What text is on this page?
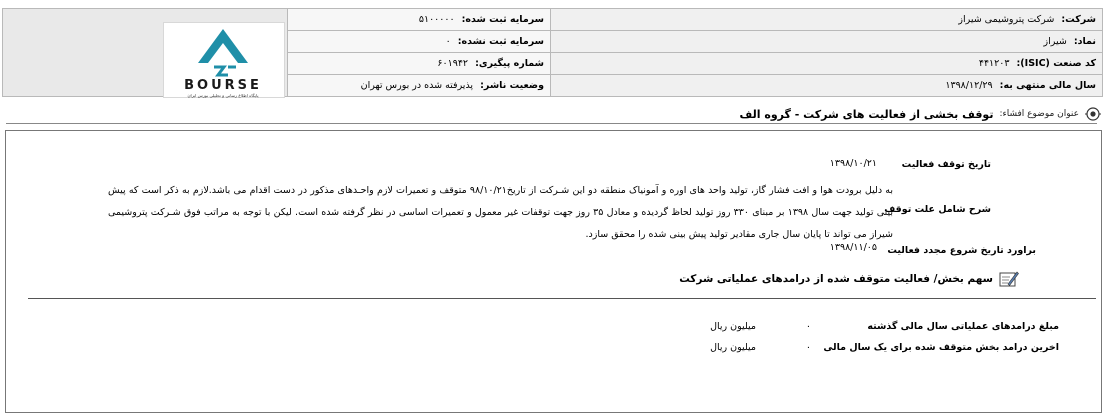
شرکت: شرکت پتروشیمی شیراز	سرمایه ثبت شده: ۵۱۰۰۰۰۰	
نماد: شیراز	سرمایه ثبت نشده: ۰	
کد صنعت (ISIC): ۴۴۱۲۰۳	شماره پیگیری: ۶۰۱۹۴۲	
سال مالی منتهی به: ۱۳۹۸/۱۲/۲۹	وضعیت ناشر: پذیرفته شده در بورس تهران	
BOURSE
پایگاه اطلاع رسانی و تحلیلی بورس ایران
عنوان موضوع افشاء:
توقف بخشی از فعالیت های شرکت - گروه الف
تاریخ توقف فعالیت
۱۳۹۸/۱۰/۲۱
شرح شامل علت توقف
به دلیل برودت هوا و افت فشار گاز، تولید واحد های اوره و آمونیاک منطقه دو این شـرکت از تاریخ۹۸/۱۰/۲۱ متوقف و تعمیرات لازم واحـدهای مذکور در دست اقدام می باشد.لازم به ذکر است که پیش بینی تولید جهت سال ۱۳۹۸ بر مبنای ۳۳۰ روز تولید لحاظ گردیده و معادل ۳۵ روز جهت توقفات غیر معمول و تعمیرات اساسی در نظر گرفته شده است. لیکن با توجه به مراتب فوق شـرکت پتروشیمی شیراز می تواند تا پایان سال جاری مقادیر تولید پیش بینی شده را محقق سازد.
براورد تاریخ شروع مجدد فعالیت
۱۳۹۸/۱۱/۰۵
سهم بخش/ فعالیت متوقف شده از درامدهای عملیاتی شرکت
مبلغ درامدهای عملیاتی سال مالی گذشته
۰
میلیون ریال
اخرین درامد بخش متوقف شده برای یک سال مالی
۰
میلیون ریال
